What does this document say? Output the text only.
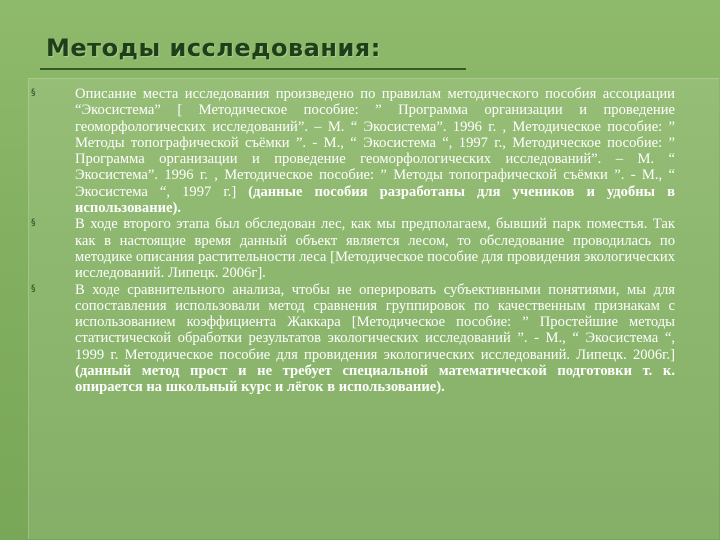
Методы исследования:

§	Описание места исследования произведено по правилам методического пособия ассоциации “Экосистема” [ Методическое пособие: ” Программа организации и проведение геоморфологических исследований”. – М. “ Экосистема”. 1996 г. , Методическое пособие: ” Методы топографической съёмки ”. - М., “ Экосистема “, 1997 г., Методическое пособие: ” Программа организации и проведение геоморфологических исследований”. – М. “ Экосистема”. 1996 г. , Методическое пособие: ” Методы топографической съёмки ”. - М., “ Экосистема “, 1997 г.] (данные пособия разработаны для учеников и удобны в использование).

§	В ходе второго этапа был обследован лес, как мы предполагаем, бывший парк поместья. Так как в настоящие время данный объект является лесом, то обследование проводилась по методике описания растительности леса [Методическое пособие для провидения экологических исследований. Липецк. 2006г].

§	В ходе сравнительного анализа, чтобы не оперировать субъективными понятиями, мы для сопоставления использовали метод сравнения группировок по качественным признакам с использованием коэффициента Жаккара [Методическое пособие: ” Простейшие методы статистической обработки результатов экологических исследований ”. - М., “ Экосистема “, 1999 г. Методическое пособие для провидения экологических исследований. Липецк. 2006г.] (данный метод прост и не требует специальной математической подготовки т. к. опирается на школьный курс и лёгок в использование).
